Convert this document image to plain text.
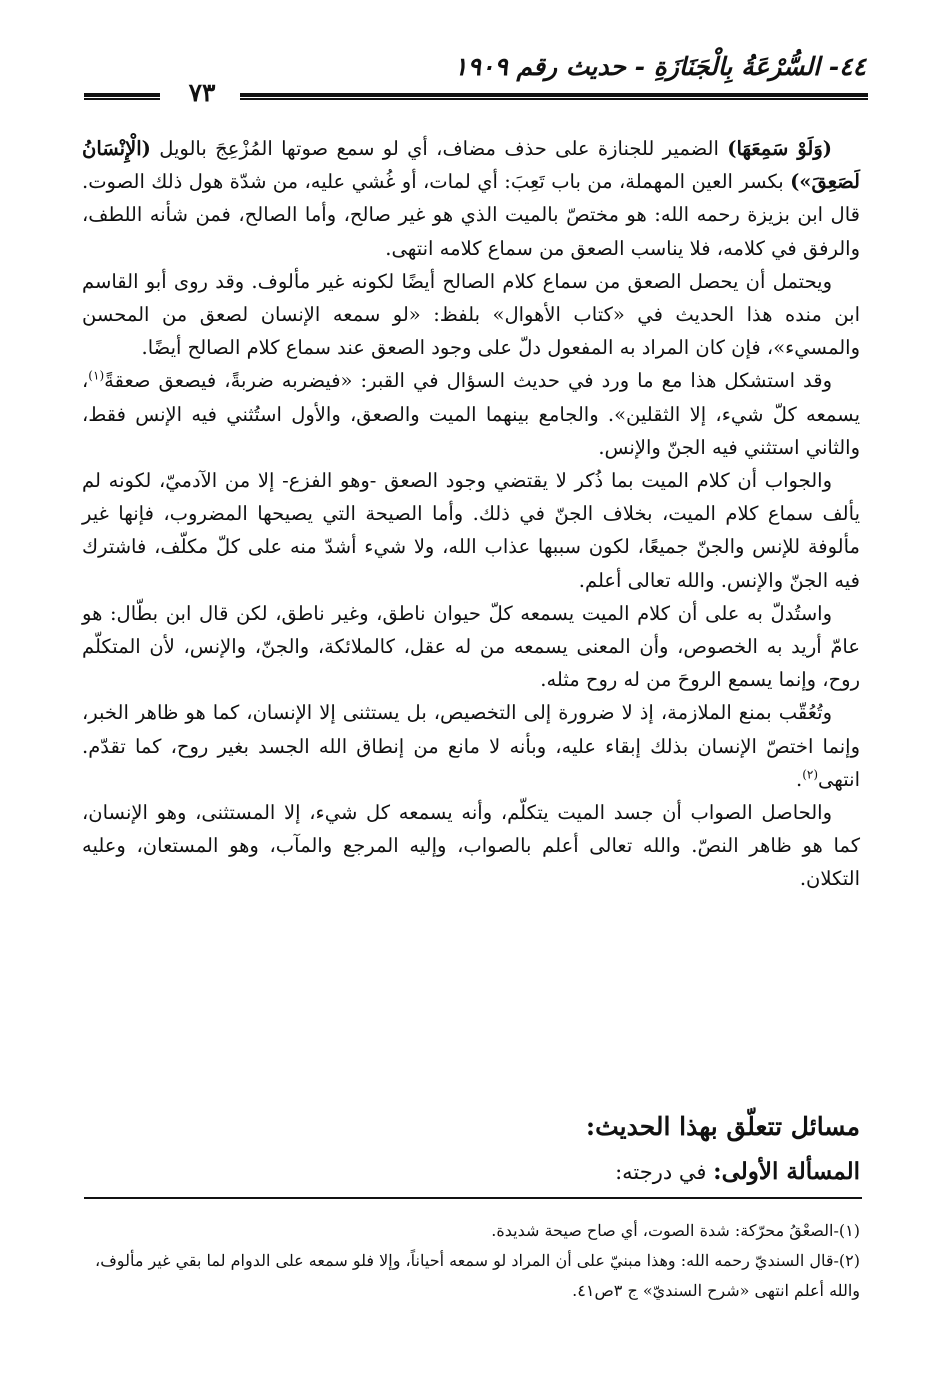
٤٤- السُّرْعَةُ بِالْجَنَازَةِ - حديث رقم ١٩٠٩
٧٣

(وَلَوْ سَمِعَهَا) الضمير للجنازة على حذف مضاف، أي لو سمع صوتها المُزْعِجَ بالويل (الْإِنْسَانُ لَصَعِقَ») بكسر العين المهملة، من باب تَعِبَ: أي لمات، أو غُشي عليه، من شدّة هول ذلك الصوت. قال ابن بزيزة رحمه الله: هو مختصّ بالميت الذي هو غير صالح، وأما الصالح، فمن شأنه اللطف، والرفق في كلامه، فلا يناسب الصعق من سماع كلامه انتهى.

ويحتمل أن يحصل الصعق من سماع كلام الصالح أيضًا لكونه غير مألوف. وقد روى أبو القاسم ابن منده هذا الحديث في «كتاب الأهوال» بلفظ: «لو سمعه الإنسان لصعق من المحسن والمسيء»، فإن كان المراد به المفعول دلّ على وجود الصعق عند سماع كلام الصالح أيضًا.

وقد استشكل هذا مع ما ورد في حديث السؤال في القبر: «فيضربه ضربةً، فيصعق صعقةً$^{(١)}$، يسمعه كلّ شيء، إلا الثقلين». والجامع بينهما الميت والصعق، والأول استُثني فيه الإنس فقط، والثاني استثني فيه الجنّ والإنس.

والجواب أن كلام الميت بما ذُكر لا يقتضي وجود الصعق -وهو الفزع- إلا من الآدميّ، لكونه لم يألف سماع كلام الميت، بخلاف الجنّ في ذلك. وأما الصيحة التي يصيحها المضروب، فإنها غير مألوفة للإنس والجنّ جميعًا، لكون سببها عذاب الله، ولا شيء أشدّ منه على كلّ مكلّف، فاشترك فيه الجنّ والإنس. والله تعالى أعلم.

واستُدلّ به على أن كلام الميت يسمعه كلّ حيوان ناطق، وغير ناطق، لكن قال ابن بطّال: هو عامّ أريد به الخصوص، وأن المعنى يسمعه من له عقل، كالملائكة، والجنّ، والإنس، لأن المتكلّم روح، وإنما يسمع الروحَ من له روح مثله.

وتُعُقّب بمنع الملازمة، إذ لا ضرورة إلى التخصيص، بل يستثنى إلا الإنسان، كما هو ظاهر الخبر، وإنما اختصّ الإنسان بذلك إبقاء عليه، وبأنه لا مانع من إنطاق الله الجسد بغير روح، كما تقدّم. انتهى$^{(٢)}$.

والحاصل الصواب أن جسد الميت يتكلّم، وأنه يسمعه كل شيء، إلا المستثنى، وهو الإنسان، كما هو ظاهر النصّ. والله تعالى أعلم بالصواب، وإليه المرجع والمآب، وهو المستعان، وعليه التكلان.

مسائل تتعلّق بهذا الحديث:
المسألة الأولى: في درجته:

(١)-الصعْقُ محرّكة: شدة الصوت، أي صاح صيحة شديدة.

(٢)-قال السنديّ رحمه الله: وهذا مبنيّ على أن المراد لو سمعه أحياناً، وإلا فلو سمعه على الدوام لما بقي غير مألوف، والله أعلم انتهى «شرح السنديّ» ج ٣ص٤١.
